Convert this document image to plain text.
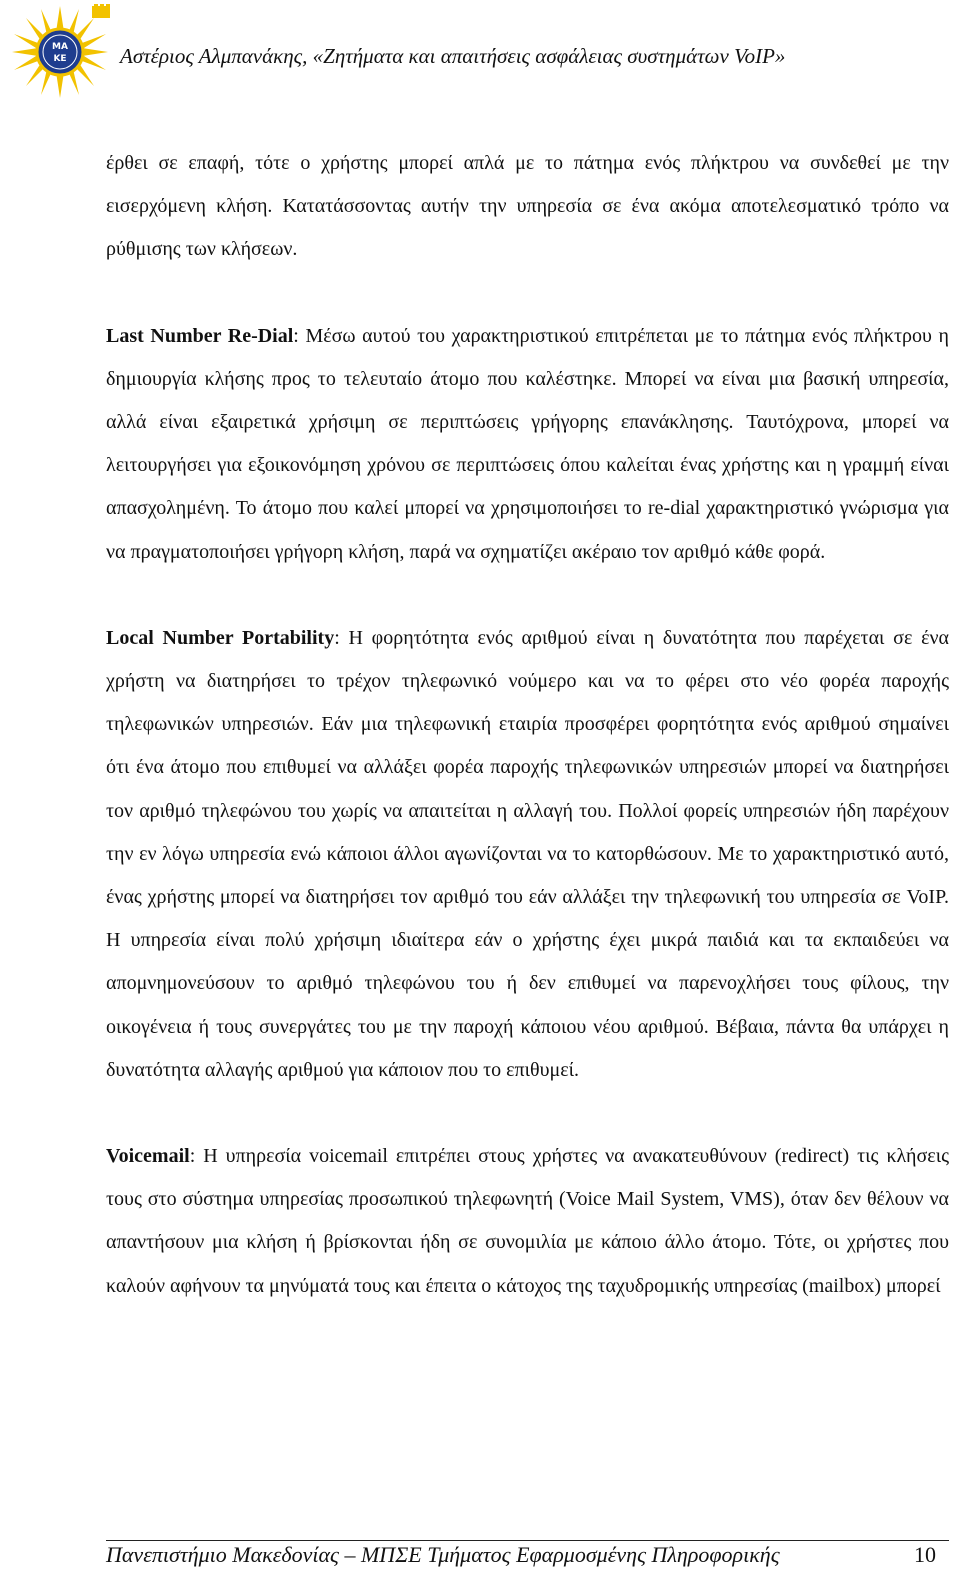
ΜΑ
ΚΕ	Αστέριος Αλμπανάκης, «Ζητήματα και απαιτήσεις ασφάλειας συστημάτων VoIP»

έρθει σε επαφή, τότε ο χρήστης μπορεί απλά με το πάτημα ενός πλήκτρου να συνδεθεί με την εισερχόμενη κλήση. Κατατάσσοντας αυτήν την υπηρεσία σε ένα ακόμα αποτελεσματικό τρόπο να ρύθμισης των κλήσεων.

Last Number Re-Dial: Μέσω αυτού του χαρακτηριστικού επιτρέπεται με το πάτημα ενός πλήκτρου η δημιουργία κλήσης προς το τελευταίο άτομο που καλέστηκε. Μπορεί να είναι μια βασική υπηρεσία, αλλά είναι εξαιρετικά χρήσιμη σε περιπτώσεις γρήγορης επανάκλησης. Ταυτόχρονα, μπορεί να λειτουργήσει για εξοικονόμηση χρόνου σε περιπτώσεις όπου καλείται ένας χρήστης και η γραμμή είναι απασχολημένη. Το άτομο που καλεί μπορεί να χρησιμοποιήσει το re-dial χαρακτηριστικό γνώρισμα για να πραγματοποιήσει γρήγορη κλήση, παρά να σχηματίζει ακέραιο τον αριθμό κάθε φορά.

Local Number Portability: Η φορητότητα ενός αριθμού είναι η δυνατότητα που παρέχεται σε ένα χρήστη να διατηρήσει το τρέχον τηλεφωνικό νούμερο και να το φέρει στο νέο φορέα παροχής τηλεφωνικών υπηρεσιών. Εάν μια τηλεφωνική εταιρία προσφέρει φορητότητα ενός αριθμού σημαίνει ότι ένα άτομο που επιθυμεί να αλλάξει φορέα παροχής τηλεφωνικών υπηρεσιών μπορεί να διατηρήσει τον αριθμό τηλεφώνου του χωρίς να απαιτείται η αλλαγή του. Πολλοί φορείς υπηρεσιών ήδη παρέχουν την εν λόγω υπηρεσία ενώ κάποιοι άλλοι αγωνίζονται να το κατορθώσουν. Με το χαρακτηριστικό αυτό, ένας χρήστης μπορεί να διατηρήσει τον αριθμό του εάν αλλάξει την τηλεφωνική του υπηρεσία σε VoIP. Η υπηρεσία είναι πολύ χρήσιμη ιδιαίτερα εάν ο χρήστης έχει μικρά παιδιά και τα εκπαιδεύει να απομνημονεύσουν το αριθμό τηλεφώνου του ή δεν επιθυμεί να παρενοχλήσει τους φίλους, την οικογένεια ή τους συνεργάτες του με την παροχή κάποιου νέου αριθμού. Βέβαια, πάντα θα υπάρχει η δυνατότητα αλλαγής αριθμού για κάποιον που το επιθυμεί.

Voicemail: Η υπηρεσία voicemail επιτρέπει στους χρήστες να ανακατευθύνουν (redirect) τις κλήσεις τους στο σύστημα υπηρεσίας προσωπικού τηλεφωνητή (Voice Mail System, VMS), όταν δεν θέλουν να απαντήσουν μια κλήση ή βρίσκονται ήδη σε συνομιλία με κάποιο άλλο άτομο. Τότε, οι χρήστες που καλούν αφήνουν τα μηνύματά τους και έπειτα ο κάτοχος της ταχυδρομικής υπηρεσίας (mailbox) μπορεί

Πανεπιστήμιο Μακεδονίας – ΜΠΣΕ Τμήματος Εφαρμοσμένης Πληροφορικής	10
